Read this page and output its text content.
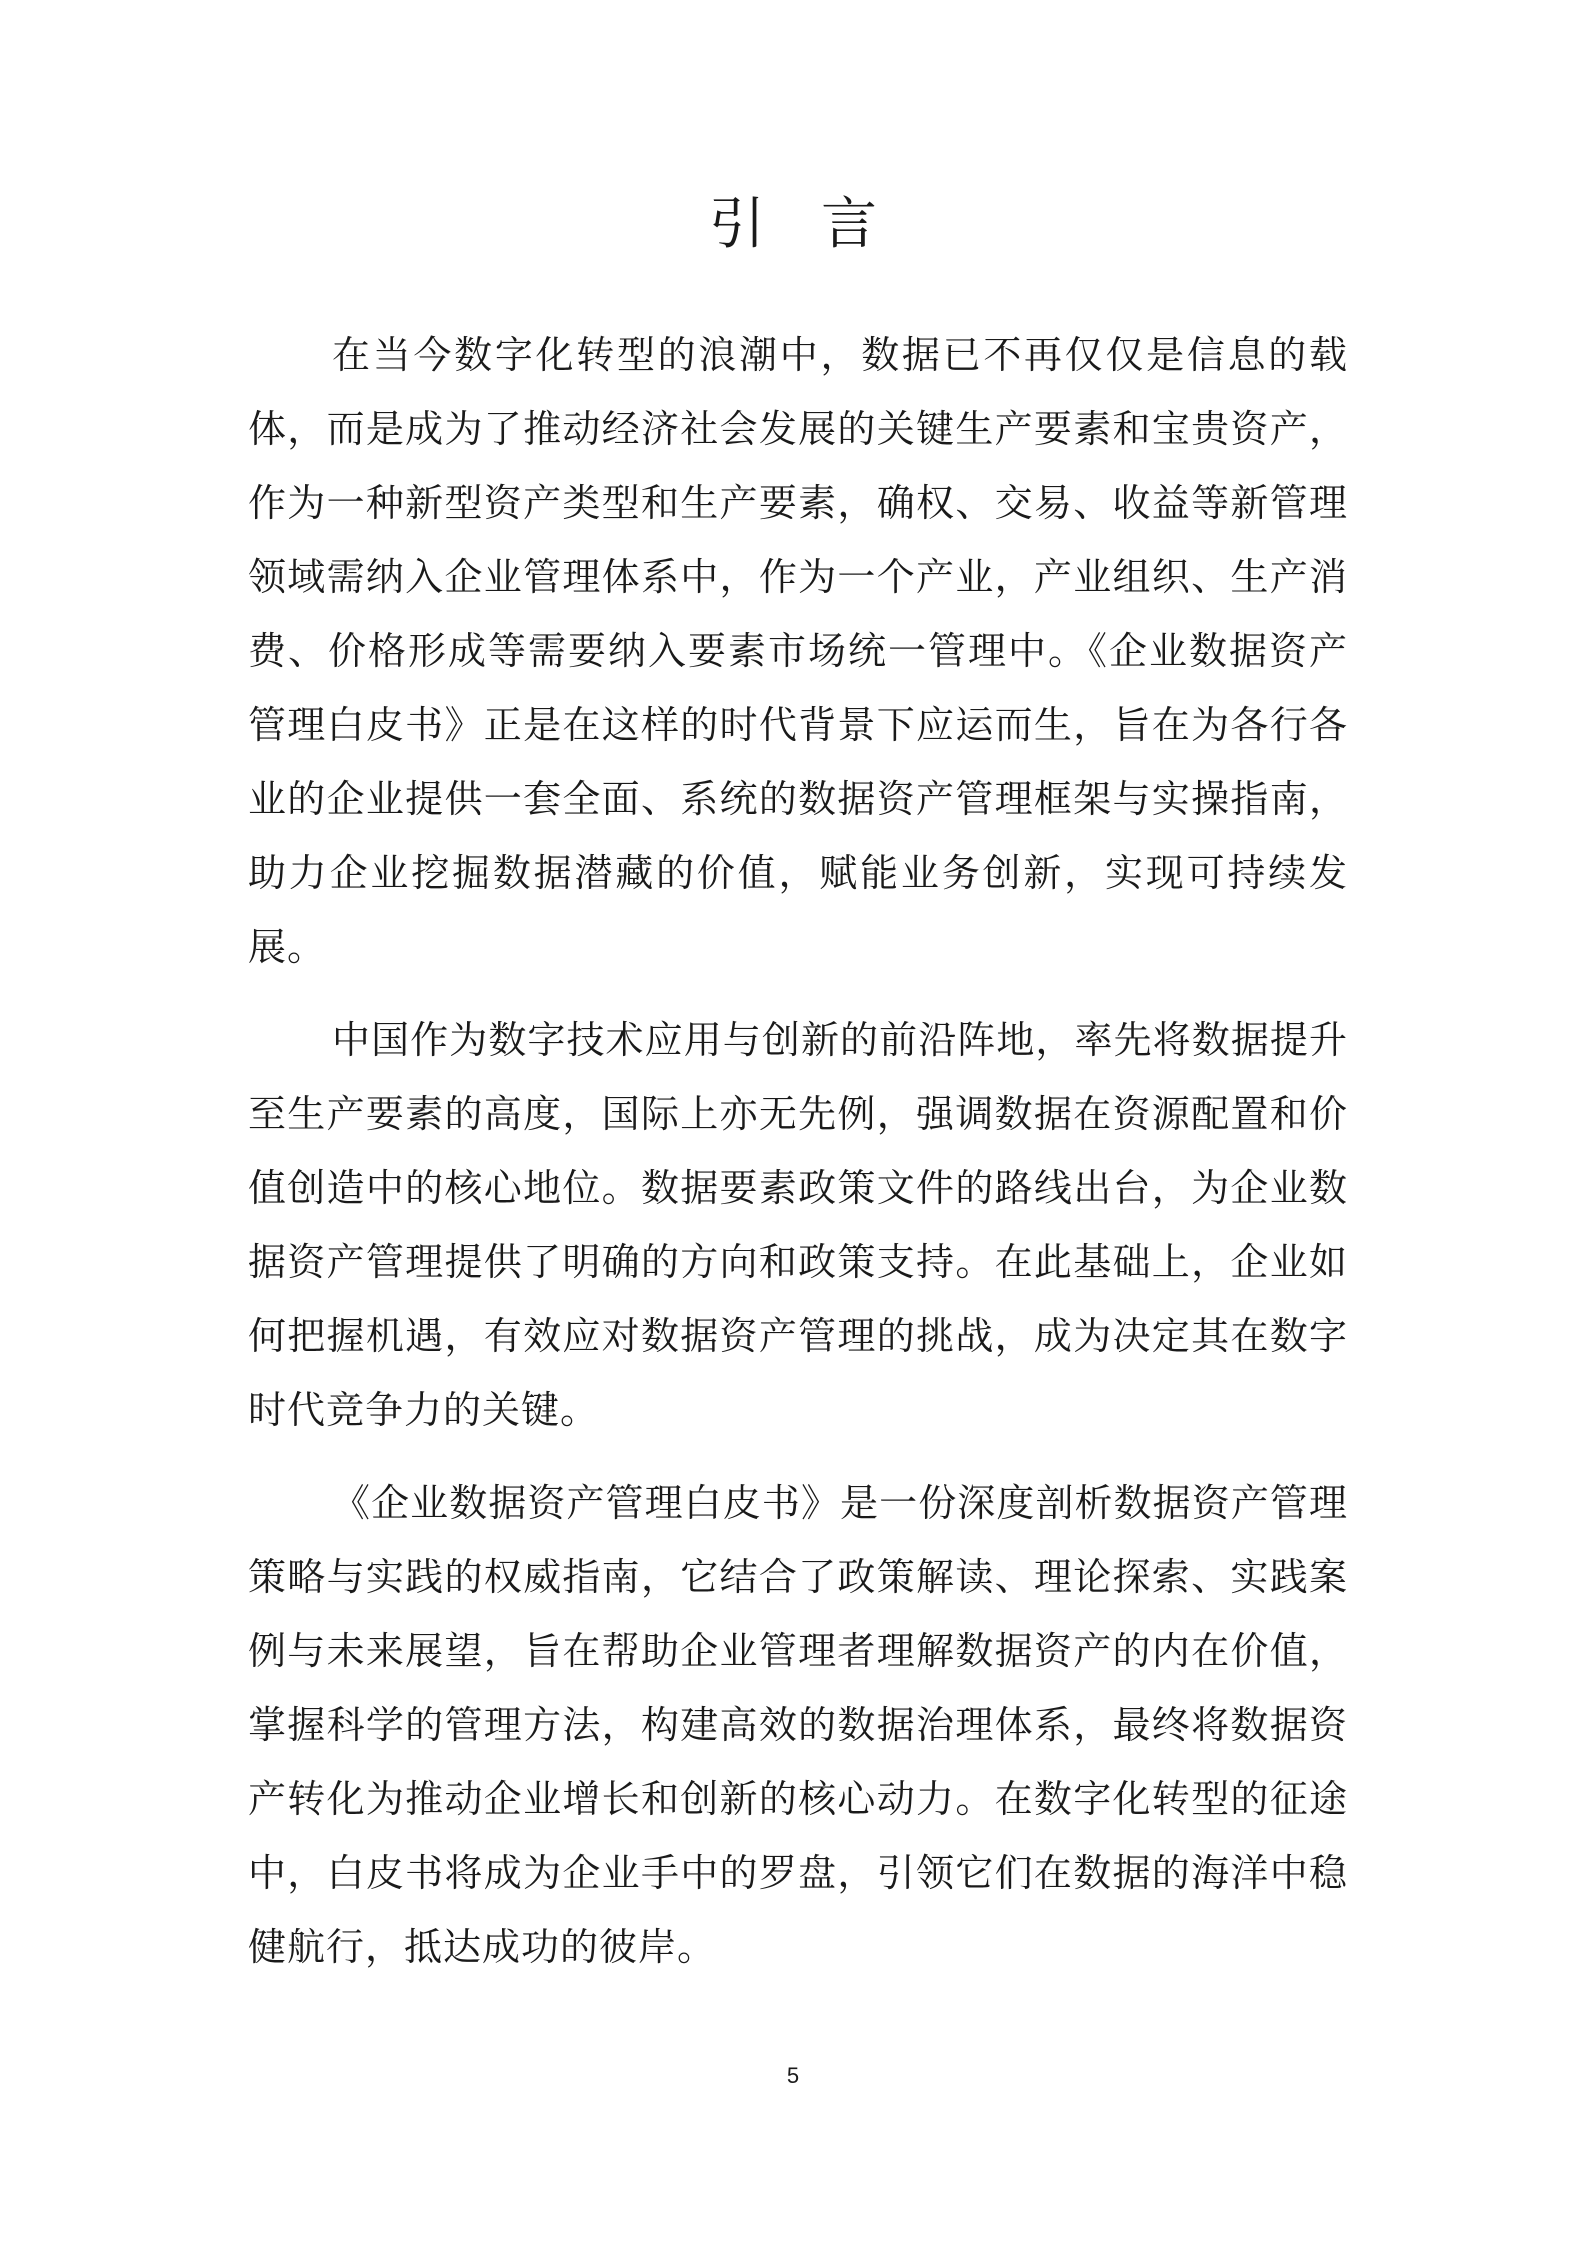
引言

在当今数字化转型的浪潮中，数据已不再仅仅是信息的载体，而是成为了推动经济社会发展的关键生产要素和宝贵资产，作为一种新型资产类型和生产要素，确权、交易、收益等新管理领域需纳入企业管理体系中，作为一个产业，产业组织、生产消费、价格形成等需要纳入要素市场统一管理中。《企业数据资产管理白皮书》正是在这样的时代背景下应运而生，旨在为各行各业的企业提供一套全面、系统的数据资产管理框架与实操指南，助力企业挖掘数据潜藏的价值，赋能业务创新，实现可持续发展。

中国作为数字技术应用与创新的前沿阵地，率先将数据提升至生产要素的高度，国际上亦无先例，强调数据在资源配置和价值创造中的核心地位。数据要素政策文件的路线出台，为企业数据资产管理提供了明确的方向和政策支持。在此基础上，企业如何把握机遇，有效应对数据资产管理的挑战，成为决定其在数字时代竞争力的关键。

《企业数据资产管理白皮书》是一份深度剖析数据资产管理策略与实践的权威指南，它结合了政策解读、理论探索、实践案例与未来展望，旨在帮助企业管理者理解数据资产的内在价值，掌握科学的管理方法，构建高效的数据治理体系，最终将数据资产转化为推动企业增长和创新的核心动力。在数字化转型的征途中，白皮书将成为企业手中的罗盘，引领它们在数据的海洋中稳健航行，抵达成功的彼岸。

5
